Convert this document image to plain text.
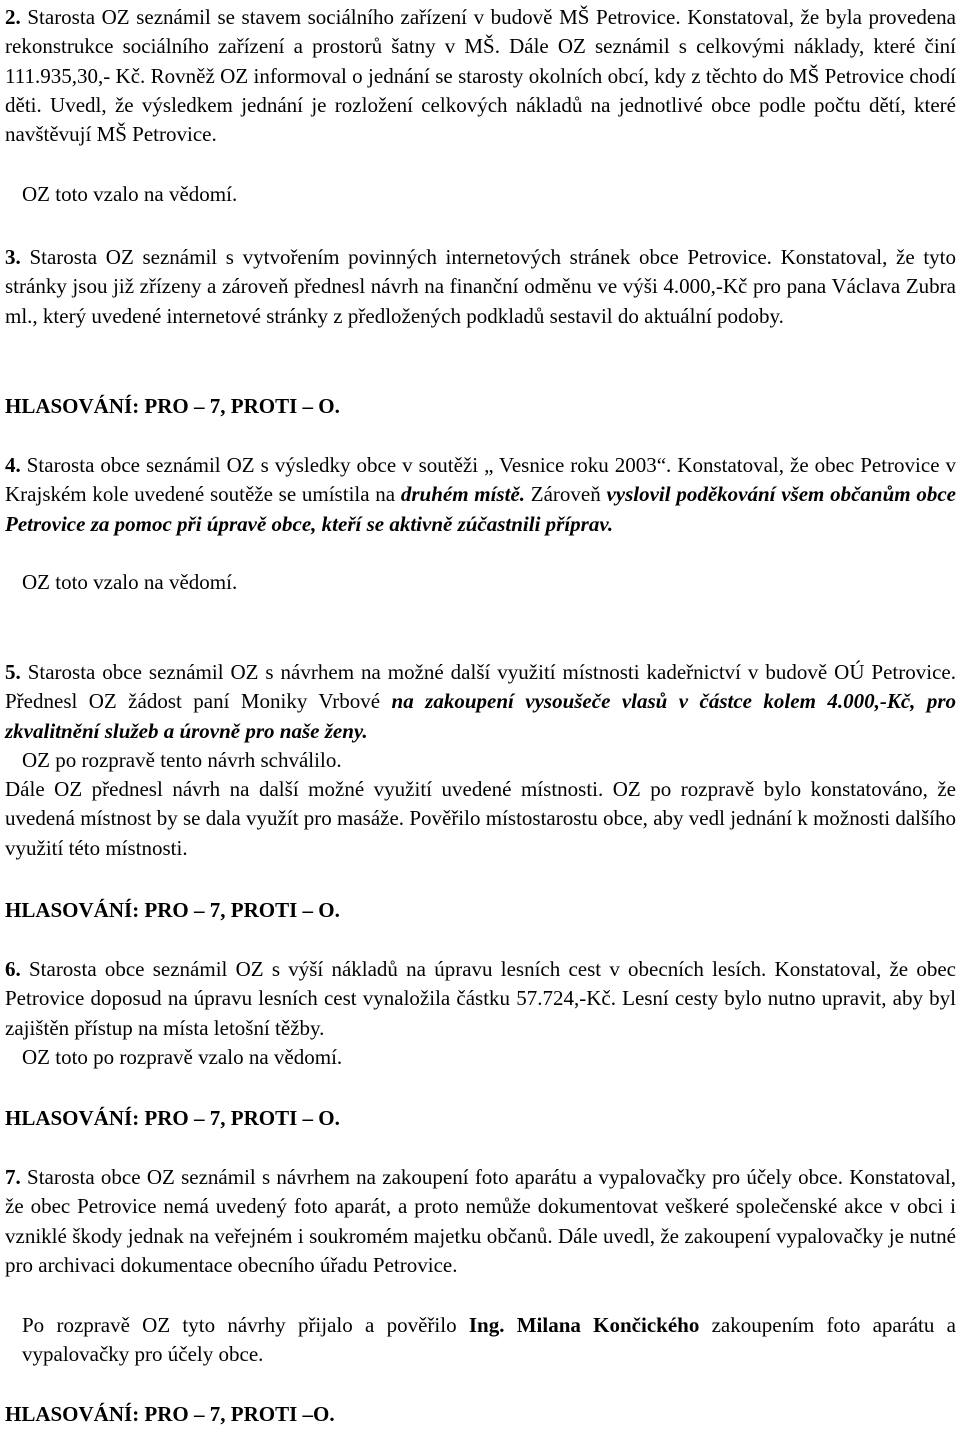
2. Starosta OZ seznámil se stavem sociálního zařízení v budově MŠ Petrovice. Konstatoval, že byla provedena rekonstrukce sociálního zařízení a prostorů šatny v MŠ. Dále OZ seznámil s celkovými náklady, které činí 111.935,30,- Kč. Rovněž OZ informoval o jednání se starosty okolních obcí, kdy z těchto do MŠ Petrovice chodí děti. Uvedl, že výsledkem jednání je rozložení celkových nákladů na jednotlivé obce podle počtu dětí, které navštěvují MŠ Petrovice.

OZ toto vzalo na vědomí.

3. Starosta OZ seznámil s vytvořením povinných internetových stránek obce Petrovice. Konstatoval, že tyto stránky jsou již zřízeny a zároveň přednesl návrh na finanční odměnu ve výši 4.000,-Kč pro pana Václava Zubra ml., který uvedené internetové stránky z předložených podkladů sestavil do aktuální podoby.

HLASOVÁNÍ: PRO – 7, PROTI – O.

4. Starosta obce seznámil OZ s výsledky obce v soutěži „ Vesnice roku 2003“. Konstatoval, že obec Petrovice v Krajském kole uvedené soutěže se umístila na druhém místě. Zároveň vyslovil poděkování všem občanům obce Petrovice za pomoc při úpravě obce, kteří se aktivně zúčastnili příprav.

OZ toto vzalo na vědomí.

5. Starosta obce seznámil OZ s návrhem na možné další využití místnosti kadeřnictví v budově OÚ Petrovice. Přednesl OZ žádost paní Moniky Vrbové na zakoupení vysoušeče vlasů v částce kolem 4.000,-Kč, pro zkvalitnění služeb a úrovně pro naše ženy.

OZ po rozpravě tento návrh schválilo.

Dále OZ přednesl návrh na další možné využití uvedené místnosti. OZ po rozpravě bylo konstatováno, že uvedená místnost by se dala využít pro masáže. Pověřilo místostarostu obce, aby vedl jednání k možnosti dalšího využití této místnosti.

HLASOVÁNÍ: PRO – 7, PROTI – O.

6. Starosta obce seznámil OZ s výší nákladů na úpravu lesních cest v obecních lesích. Konstatoval, že obec Petrovice doposud na úpravu lesních cest vynaložila částku 57.724,-Kč. Lesní cesty bylo nutno upravit, aby byl zajištěn přístup na místa letošní těžby.

OZ toto po rozpravě vzalo na vědomí.

HLASOVÁNÍ: PRO – 7, PROTI – O.

7. Starosta obce OZ seznámil s návrhem na zakoupení foto aparátu a vypalovačky pro účely obce. Konstatoval, že obec Petrovice nemá uvedený foto aparát, a proto nemůže dokumentovat veškeré společenské akce v obci i vzniklé škody jednak na veřejném i soukromém majetku občanů. Dále uvedl, že zakoupení vypalovačky je nutné pro archivaci dokumentace obecního úřadu Petrovice.

Po rozpravě OZ tyto návrhy přijalo a pověřilo Ing. Milana Končického zakoupením foto aparátu a vypalovačky pro účely obce.

HLASOVÁNÍ: PRO – 7, PROTI –O.
